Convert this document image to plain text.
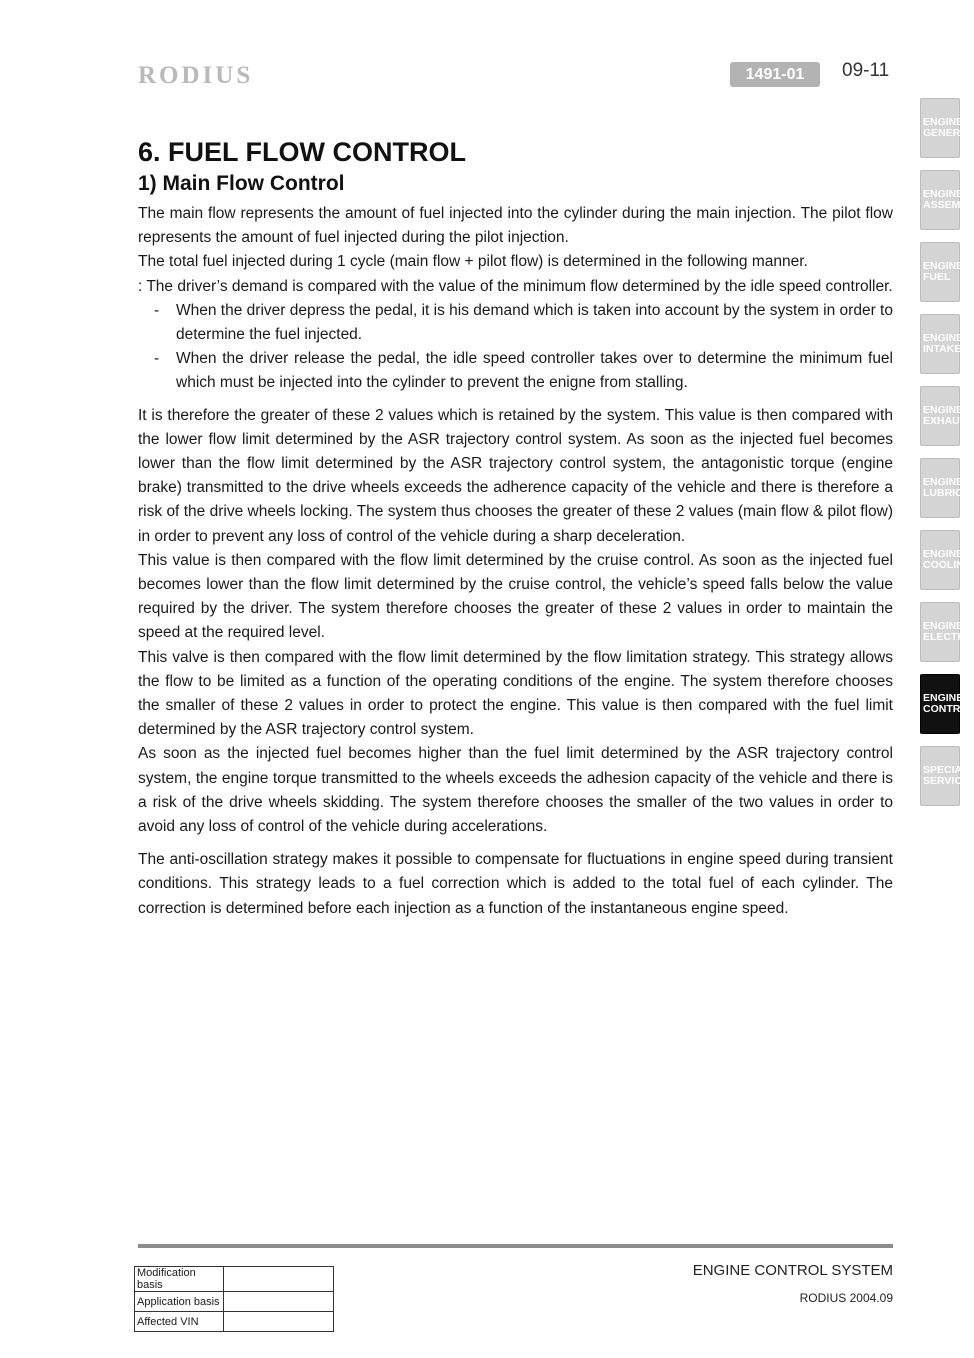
RODIUS	1491-01	09-11
6. FUEL FLOW CONTROL
1) Main Flow Control

The main flow represents the amount of fuel injected into the cylinder during the main injection. The pilot flow represents the amount of fuel injected during the pilot injection.

The total fuel injected during 1 cycle (main flow + pilot flow) is determined in the following manner.

: The driver’s demand is compared with the value of the minimum flow determined by the idle speed controller.

- When the driver depress the pedal, it is his demand which is taken into account by the system in order to determine the fuel injected.
- When the driver release the pedal, the idle speed controller takes over to determine the minimum fuel which must be injected into the cylinder to prevent the enigne from stalling.

It is therefore the greater of these 2 values which is retained by the system. This value is then compared with the lower flow limit determined by the ASR trajectory control system. As soon as the injected fuel becomes lower than the flow limit determined by the ASR trajectory control system, the antagonistic torque (engine brake) transmitted to the drive wheels exceeds the adherence capacity of the vehicle and there is therefore a risk of the drive wheels locking. The system thus chooses the greater of these 2 values (main flow & pilot flow) in order to prevent any loss of control of the vehicle during a sharp deceleration.

This value is then compared with the flow limit determined by the cruise control. As soon as the injected fuel becomes lower than the flow limit determined by the cruise control, the vehicle’s speed falls below the value required by the driver. The system therefore chooses the greater of these 2 values in order to maintain the speed at the required level.

This valve is then compared with the flow limit determined by the flow limitation strategy. This strategy allows the flow to be limited as a function of the operating conditions of the engine. The system therefore chooses the smaller of these 2 values in order to protect the engine. This value is then compared with the fuel limit determined by the ASR trajectory control system.

As soon as the injected fuel becomes higher than the fuel limit determined by the ASR trajectory control system, the engine torque transmitted to the wheels exceeds the adhesion capacity of the vehicle and there is a risk of the drive wheels skidding. The system therefore chooses the smaller of the two values in order to avoid any loss of control of the vehicle during accelerations.

The anti-oscillation strategy makes it possible to compensate for fluctuations in engine speed during transient conditions. This strategy leads to a fuel correction which is added to the total fuel of each cylinder. The correction is determined before each injection as a function of the instantaneous engine speed.

ENGINE
GENERA
ENGINE
ASSEMBL
ENGINE
FUEL
ENGINE
INTAKE
ENGINE
EXHAUST
ENGINE
LUBRICA
ENGINE
COOLING
ENGINE
ELECTRI
ENGINE
CONTRO
SPECIAL
SERVICE
Modification basis	
Application basis	
Affected VIN	
ENGINE CONTROL SYSTEM
RODIUS 2004.09
